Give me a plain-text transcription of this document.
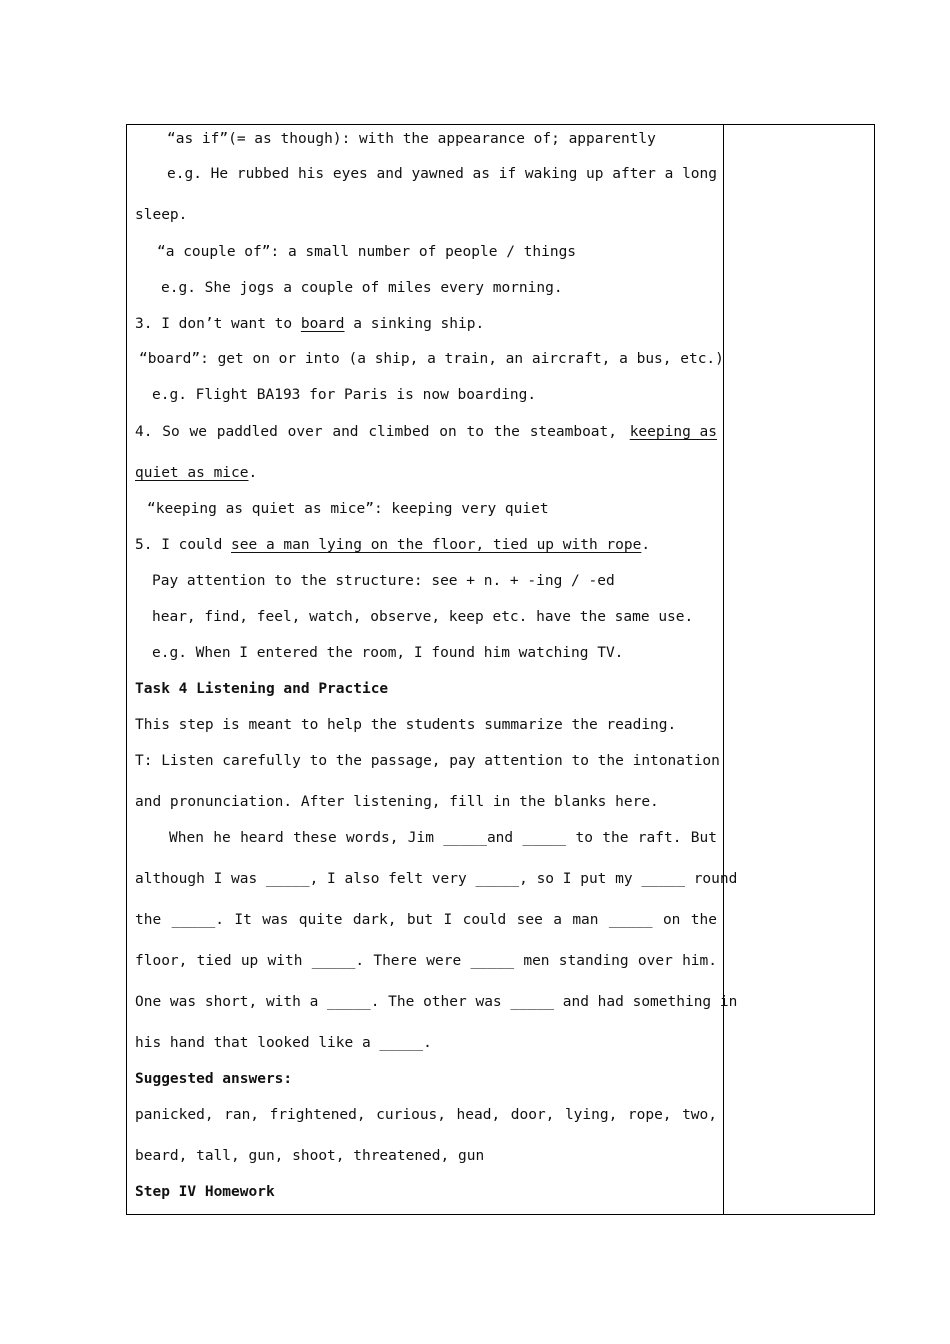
“as if”(= as though): with the appearance of; apparently
e.g. He rubbed his eyes and yawned as if waking up after a long
sleep.
“a couple of”: a small number of people / things
e.g. She jogs a couple of miles every morning.
3. I don’t want to board a sinking ship.
“board”: get on or into (a ship, a train, an aircraft, a bus, etc.)
e.g. Flight BA193 for Paris is now boarding.
4. So we paddled over and climbed on to the steamboat, keeping as
quiet as mice.
“keeping as quiet as mice”: keeping very quiet
5. I could see a man lying on the floor, tied up with rope.
Pay attention to the structure: see + n. + -ing / -ed
hear, find, feel, watch, observe, keep etc. have the same use.
e.g. When I entered the room, I found him watching TV.
Task 4 Listening and Practice
This step is meant to help the students summarize the reading.
T: Listen carefully to the passage, pay attention to the intonation
and pronunciation. After listening, fill in the blanks here.
When he heard these words, Jim _____and _____ to the raft. But
although I was _____, I also felt very _____, so I put my _____ round
the _____. It was quite dark, but I could see a man _____ on the
floor, tied up with _____. There were _____ men standing over him.
One was short, with a _____. The other was _____ and had something in
his hand that looked like a _____.
Suggested answers:
panicked, ran, frightened, curious, head, door, lying, rope, two,
beard, tall, gun, shoot, threatened, gun
Step IV Homework
